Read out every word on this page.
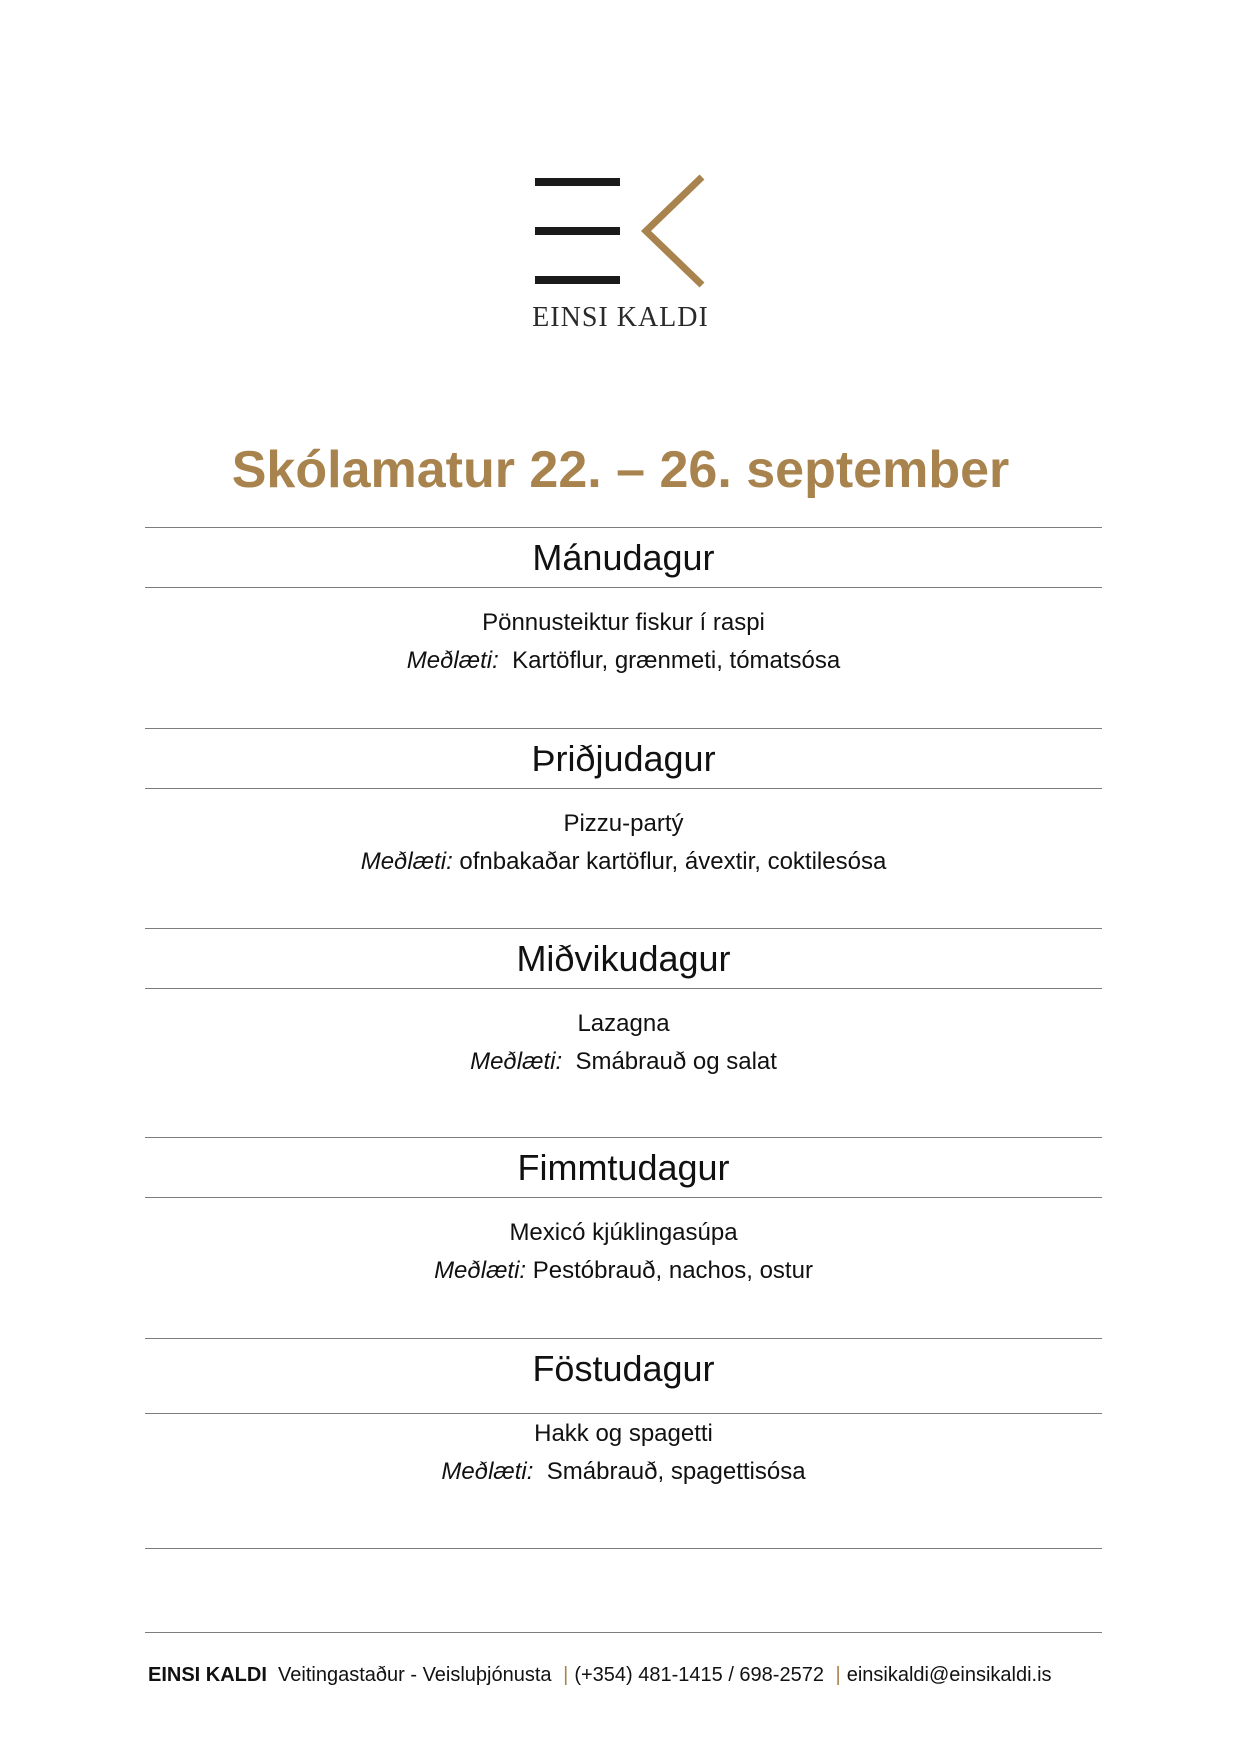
EINSI KALDI
Skólamatur 22. – 26. september
Mánudagur
Pönnusteiktur fiskur í raspi
Meðlæti: Kartöflur, grænmeti, tómatsósa
Þriðjudagur
Pizzu-partý
Meðlæti: ofnbakaðar kartöflur, ávextir, coktilesósa
Miðvikudagur
Lazagna
Meðlæti: Smábrauð og salat
Fimmtudagur
Mexicó kjúklingasúpa
Meðlæti: Pestóbrauð, nachos, ostur
Föstudagur
Hakk og spagetti
Meðlæti: Smábrauð, spagettisósa
EINSI KALDI Veitingastaður - Veisluþjónusta | (+354) 481-1415 / 698-2572 | einsikaldi@einsikaldi.is
